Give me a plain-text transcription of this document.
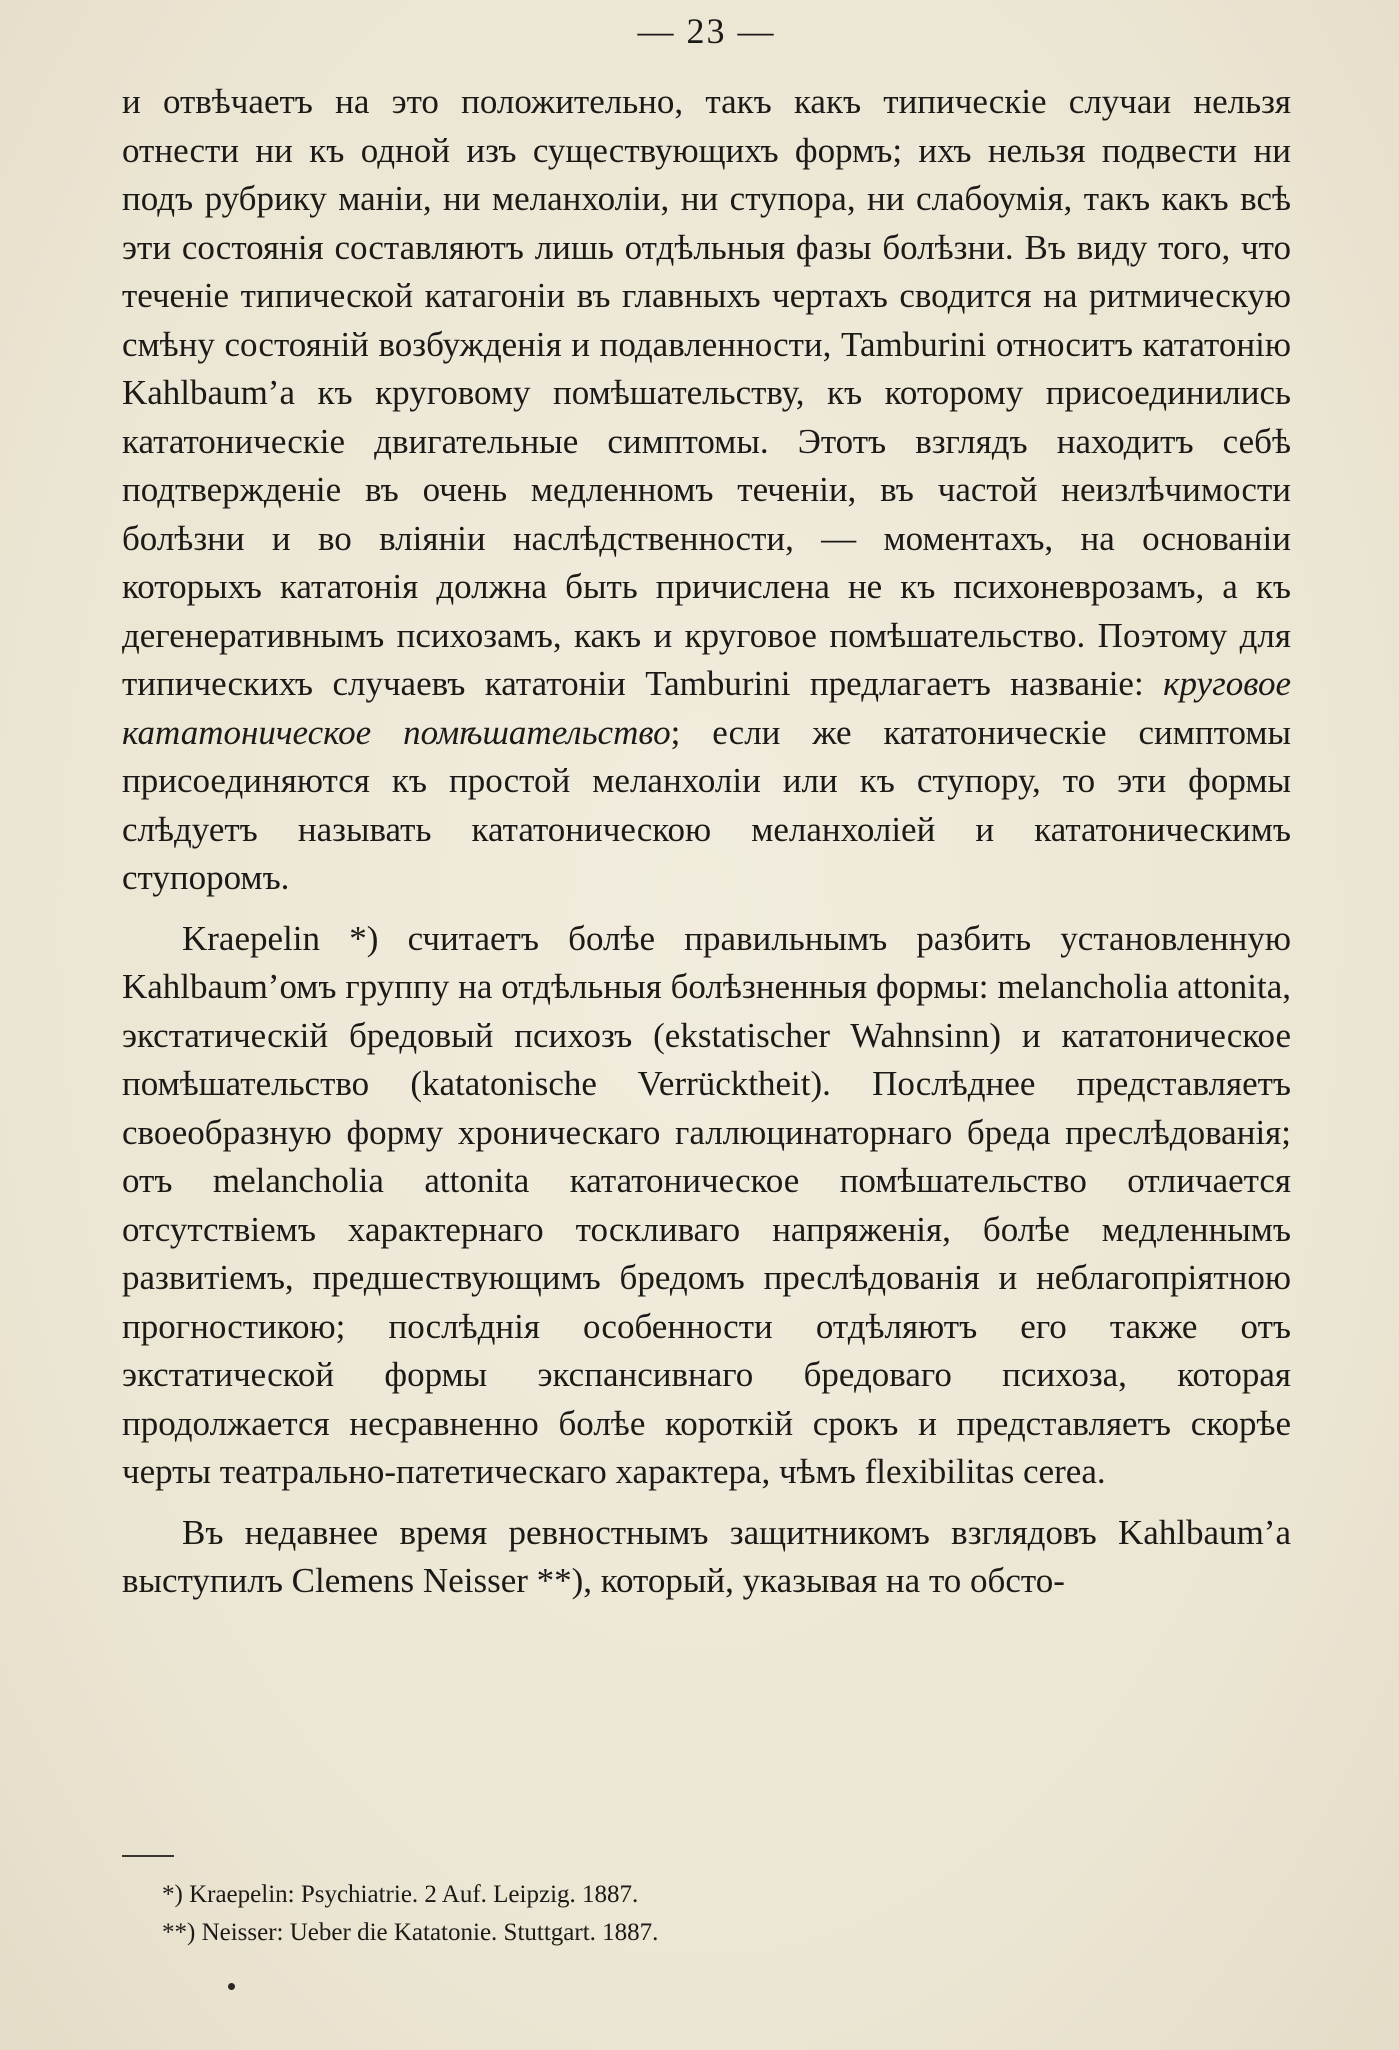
— 23 —

и отвѣчаетъ на это положительно, такъ какъ типическіе случаи нельзя отнести ни къ одной изъ существующихъ формъ; ихъ нельзя подвести ни подъ рубрику маніи, ни меланхоліи, ни ступора, ни слабоумія, такъ какъ всѣ эти состоянія составляютъ лишь отдѣльныя фазы болѣзни. Въ виду того, что теченіе типической катагоніи въ главныхъ чертахъ сводится на ритмическую смѣну состояній возбужденія и подавленности, Tamburini относитъ кататонію Kahlbaum’а къ круговому помѣшательству, къ которому присоединились кататоническіе двигательные симптомы. Этотъ взглядъ находитъ себѣ подтвержденіе въ очень медленномъ теченіи, въ частой неизлѣчимости болѣзни и во вліяніи наслѣдственности, — моментахъ, на основаніи которыхъ кататонія должна быть причислена не къ психоневрозамъ, а къ дегенеративнымъ психозамъ, какъ и круговое помѣшательство. Поэтому для типическихъ случаевъ кататоніи Tamburini предлагаетъ названіе: круговое кататоническое помѣшательство; если же кататоническіе симптомы присоединяются къ простой меланхоліи или къ ступору, то эти формы слѣдуетъ называть кататоническою меланхоліей и кататоническимъ ступоромъ.

Kraepelin *) считаетъ болѣе правильнымъ разбить установленную Kahlbaum’омъ группу на отдѣльныя болѣзненныя формы: melancholia attonita, экстатическій бредовый психозъ (ekstatischer Wahnsinn) и кататоническое помѣшательство (katatonische Verrücktheit). Послѣднее представляетъ своеобразную форму хроническаго галлюцинаторнаго бреда преслѣдованія; отъ melancholia attonita кататоническое помѣшательство отличается отсутствіемъ характернаго тоскливаго напряженія, болѣе медленнымъ развитіемъ, предшествующимъ бредомъ преслѣдованія и неблагопріятною прогностикою; послѣднія особенности отдѣляютъ его также отъ экстатической формы экспансивнаго бредоваго психоза, которая продолжается несравненно болѣе короткій срокъ и представляетъ скорѣе черты театрально-патетическаго характера, чѣмъ flexibilitas cerea.

Въ недавнее время ревностнымъ защитникомъ взглядовъ Kahlbaum’а выступилъ Clemens Neisser **), который, указывая на то обсто-

*) Kraepelin: Psychiatrie. 2 Auf. Leipzig. 1887.
**) Neisser: Ueber die Katatonie. Stuttgart. 1887.
